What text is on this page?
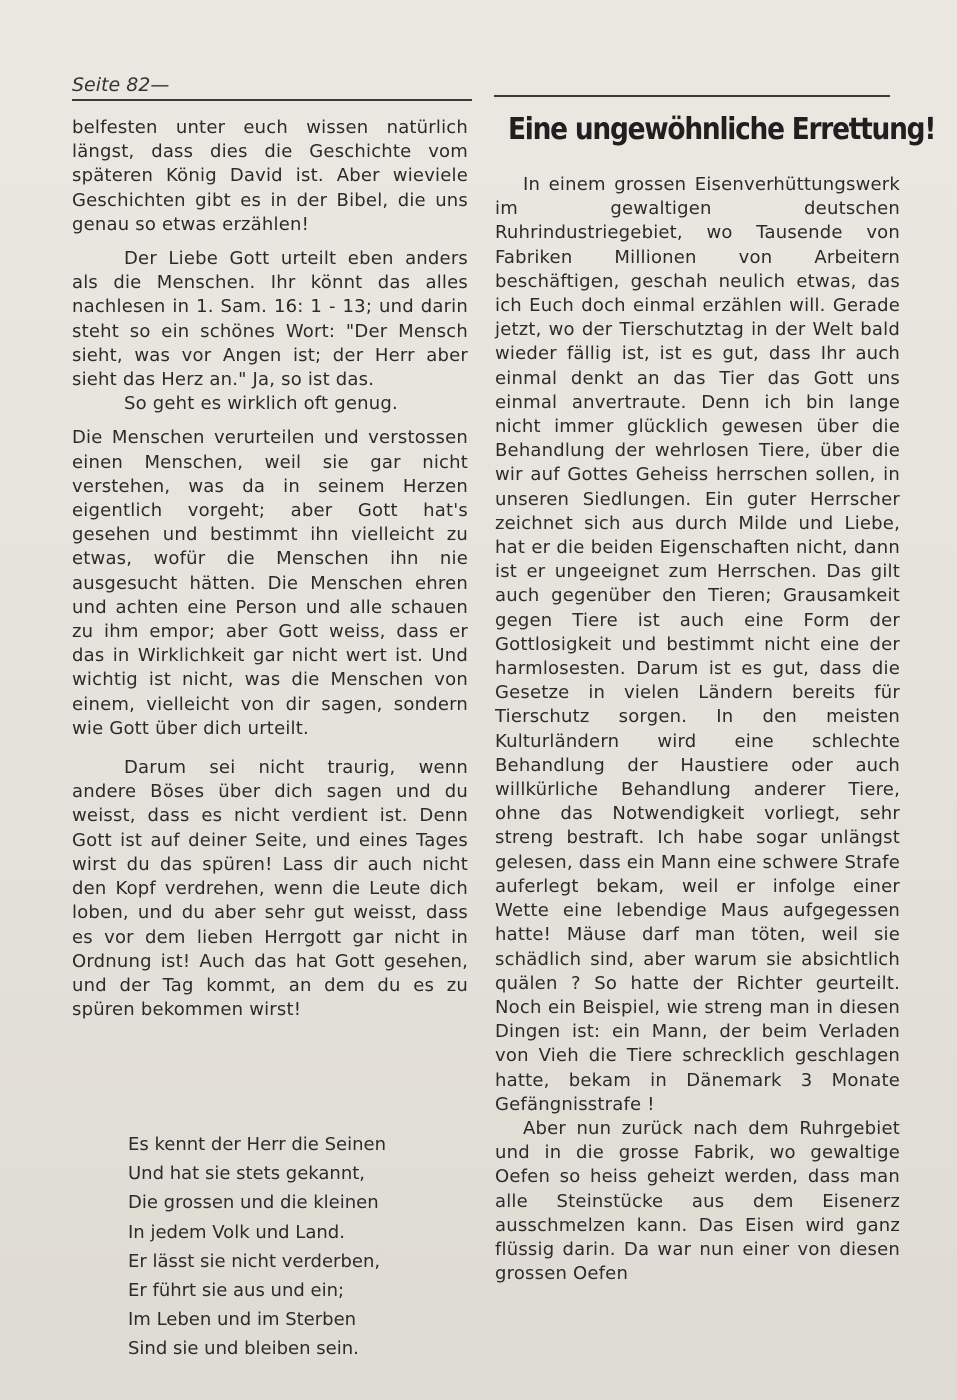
Seite 82—

belfesten unter euch wissen natürlich längst, dass dies die Geschichte vom späteren König David ist. Aber wieviele Geschichten gibt es in der Bibel, die uns genau so etwas erzählen!

Der Liebe Gott urteilt eben anders als die Menschen. Ihr könnt das alles nachlesen in 1. Sam. 16: 1 - 13; und darin steht so ein schönes Wort: "Der Mensch sieht, was vor Angen ist; der Herr aber sieht das Herz an." Ja, so ist das.

So geht es wirklich oft genug.

Die Menschen verurteilen und verstossen einen Menschen, weil sie gar nicht verstehen, was da in seinem Herzen eigentlich vorgeht; aber Gott hat's gesehen und bestimmt ihn vielleicht zu etwas, wofür die Menschen ihn nie ausgesucht hätten. Die Menschen ehren und achten eine Person und alle schauen zu ihm empor; aber Gott weiss, dass er das in Wirklichkeit gar nicht wert ist. Und wichtig ist nicht, was die Menschen von einem, vielleicht von dir sagen, sondern wie Gott über dich urteilt.

Darum sei nicht traurig, wenn andere Böses über dich sagen und du weisst, dass es nicht verdient ist. Denn Gott ist auf deiner Seite, und eines Tages wirst du das spüren! Lass dir auch nicht den Kopf verdrehen, wenn die Leute dich loben, und du aber sehr gut weisst, dass es vor dem lieben Herrgott gar nicht in Ordnung ist! Auch das hat Gott gesehen, und der Tag kommt, an dem du es zu spüren bekommen wirst!

Es kennt der Herr die Seinen
Und hat sie stets gekannt,
Die grossen und die kleinen
In jedem Volk und Land.
Er lässt sie nicht verderben,
Er führt sie aus und ein;
Im Leben und im Sterben
Sind sie und bleiben sein.
Eine ungewöhnliche Errettung!

In einem grossen Eisenverhüttungswerk im gewaltigen deutschen Ruhrindustriegebiet, wo Tausende von Fabriken Millionen von Arbeitern beschäftigen, geschah neulich etwas, das ich Euch doch einmal erzählen will. Gerade jetzt, wo der Tierschutztag in der Welt bald wieder fällig ist, ist es gut, dass Ihr auch einmal denkt an das Tier das Gott uns einmal anvertraute. Denn ich bin lange nicht immer glücklich gewesen über die Behandlung der wehrlosen Tiere, über die wir auf Gottes Geheiss herrschen sollen, in unseren Siedlungen. Ein guter Herrscher zeichnet sich aus durch Milde und Liebe, hat er die beiden Eigenschaften nicht, dann ist er ungeeignet zum Herrschen. Das gilt auch gegenüber den Tieren; Grausamkeit gegen Tiere ist auch eine Form der Gottlosigkeit und bestimmt nicht eine der harmlosesten. Darum ist es gut, dass die Gesetze in vielen Ländern bereits für Tierschutz sorgen. In den meisten Kulturländern wird eine schlechte Behandlung der Haustiere oder auch willkürliche Behandlung anderer Tiere, ohne das Notwendigkeit vorliegt, sehr streng bestraft. Ich habe sogar unlängst gelesen, dass ein Mann eine schwere Strafe auferlegt bekam, weil er infolge einer Wette eine lebendige Maus aufgegessen hatte! Mäuse darf man töten, weil sie schädlich sind, aber warum sie absichtlich quälen ? So hatte der Richter geurteilt. Noch ein Beispiel, wie streng man in diesen Dingen ist: ein Mann, der beim Verladen von Vieh die Tiere schrecklich geschlagen hatte, bekam in Dänemark 3 Monate Gefängnisstrafe !

Aber nun zurück nach dem Ruhrgebiet und in die grosse Fabrik, wo gewaltige Oefen so heiss geheizt werden, dass man alle Steinstücke aus dem Eisenerz ausschmelzen kann. Das Eisen wird ganz flüssig darin. Da war nun einer von diesen grossen Oefen
